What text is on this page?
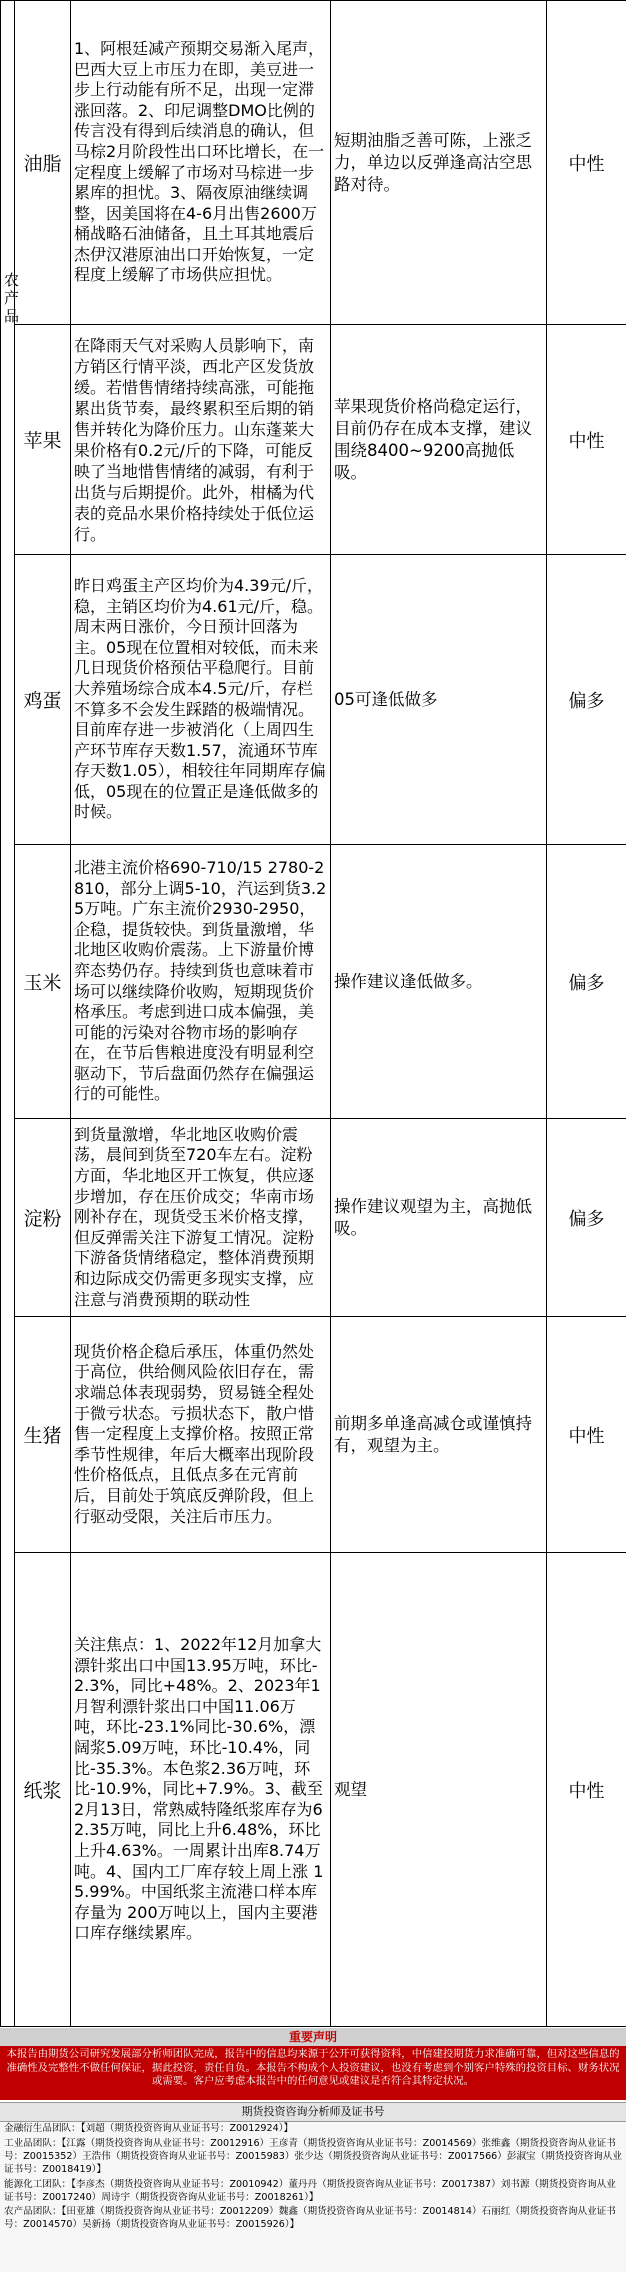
农产品	油脂	1、阿根廷减产预期交易渐入尾声，巴西大豆上市压力在即，美豆进一步上行动能有所不足，出现一定滞涨回落。2、印尼调整DMO比例的传言没有得到后续消息的确认，但马棕2月阶段性出口环比增长，在一定程度上缓解了市场对马棕进一步累库的担忧。3、隔夜原油继续调整，因美国将在4-6月出售2600万桶战略石油储备，且土耳其地震后杰伊汉港原油出口开始恢复，一定程度上缓解了市场供应担忧。	短期油脂乏善可陈，上涨乏力，单边以反弹逢高沽空思路对待。	中性
	苹果	在降雨天气对采购人员影响下，南方销区行情平淡，西北产区发货放缓。若惜售情绪持续高涨，可能拖累出货节奏，最终累积至后期的销售并转化为降价压力。山东蓬莱大果价格有0.2元/斤的下降，可能反映了当地惜售情绪的减弱，有利于出货与后期提价。此外，柑橘为代表的竞品水果价格持续处于低位运行。	苹果现货价格尚稳定运行，目前仍存在成本支撑，建议围绕8400~9200高抛低吸。	中性
	鸡蛋	昨日鸡蛋主产区均价为4.39元/斤，稳，主销区均价为4.61元/斤，稳。周末两日涨价，今日预计回落为主。05现在位置相对较低，而未来几日现货价格预估平稳爬行。目前大养殖场综合成本4.5元/斤，存栏不算多不会发生踩踏的极端情况。目前库存进一步被消化（上周四生产环节库存天数1.57，流通环节库存天数1.05），相较往年同期库存偏低，05现在的位置正是逢低做多的时候。	05可逢低做多	偏多
	玉米	北港主流价格690-710/15 2780-2810，部分上调5-10，汽运到货3.25万吨。广东主流价2930-2950，企稳，提货较快。到货量激增，华北地区收购价震荡。上下游量价博弈态势仍存。持续到货也意味着市场可以继续降价收购，短期现货价格承压。考虑到进口成本偏强，美可能的污染对谷物市场的影响存在，在节后售粮进度没有明显利空驱动下，节后盘面仍然存在偏强运行的可能性。	操作建议逢低做多。	偏多
	淀粉	到货量激增，华北地区收购价震荡，晨间到货至720车左右。淀粉方面，华北地区开工恢复，供应逐步增加，存在压价成交；华南市场刚补存在，现货受玉米价格支撑，但反弹需关注下游复工情况。淀粉下游备货情绪稳定，整体消费预期和边际成交仍需更多现实支撑，应注意与消费预期的联动性	操作建议观望为主，高抛低吸。	偏多
	生猪	现货价格企稳后承压，体重仍然处于高位，供给侧风险依旧存在，需求端总体表现弱势，贸易链全程处于微亏状态。亏损状态下，散户惜售一定程度上支撑价格。按照正常季节性规律，年后大概率出现阶段性价格低点，且低点多在元宵前后，目前处于筑底反弹阶段，但上行驱动受限，关注后市压力。	前期多单逢高减仓或谨慎持有，观望为主。	中性
	纸浆	关注焦点：1、2022年12月加拿大漂针浆出口中国13.95万吨，环比-2.3%，同比+48%。2、2023年1月智利漂针浆出口中国11.06万吨，环比-23.1%同比-30.6%，漂阔浆5.09万吨，环比-10.4%，同比-35.3%。本色浆2.36万吨，环比-10.9%，同比+7.9%。3、截至2月13日，常熟威特隆纸浆库存为62.35万吨，同比上升6.48%，环比上升4.63%。一周累计出库8.74万吨。4、国内工厂库存较上周上涨 15.99%。中国纸浆主流港口样本库存量为 200万吨以上，国内主要港口库存继续累库。	观望	中性
重要声明
本报告由期货公司研究发展部分析师团队完成，报告中的信息均来源于公开可获得资料，中信建投期货力求准确可靠，但对这些信息的准确性及完整性不做任何保证，据此投资，责任自负。本报告不构成个人投资建议，也没有考虑到个别客户特殊的投资目标、财务状况或需要。客户应考虑本报告中的任何意见或建议是否符合其特定状况。
期货投资咨询分析师及证书号

金融衍生品团队：【刘超（期货投资咨询从业证书号：Z0012924）】

工业品团队：【江露（期货投资咨询从业证书号：Z0012916）王彦青（期货投资咨询从业证书号：Z0014569）张维鑫（期货投资咨询从业证书号：Z0015352）王浩伟（期货投资咨询从业证书号：Z0015983）张少达（期货投资咨询从业证书号：Z0017566）彭淑宝（期货投资咨询从业证书号：Z0018419）】

能源化工团队：【李彦杰（期货投资咨询从业证书号：Z0010942）董丹丹（期货投资咨询从业证书号：Z0017387）刘书源（期货投资咨询从业证书号：Z0017240）周诗宇（期货投资咨询从业证书号：Z0018261）】

农产品团队：【田亚雄（期货投资咨询从业证书号：Z0012209）魏鑫（期货投资咨询从业证书号：Z0014814）石丽红（期货投资咨询从业证书号：Z0014570）吴新扬（期货投资咨询从业证书号：Z0015926）】
